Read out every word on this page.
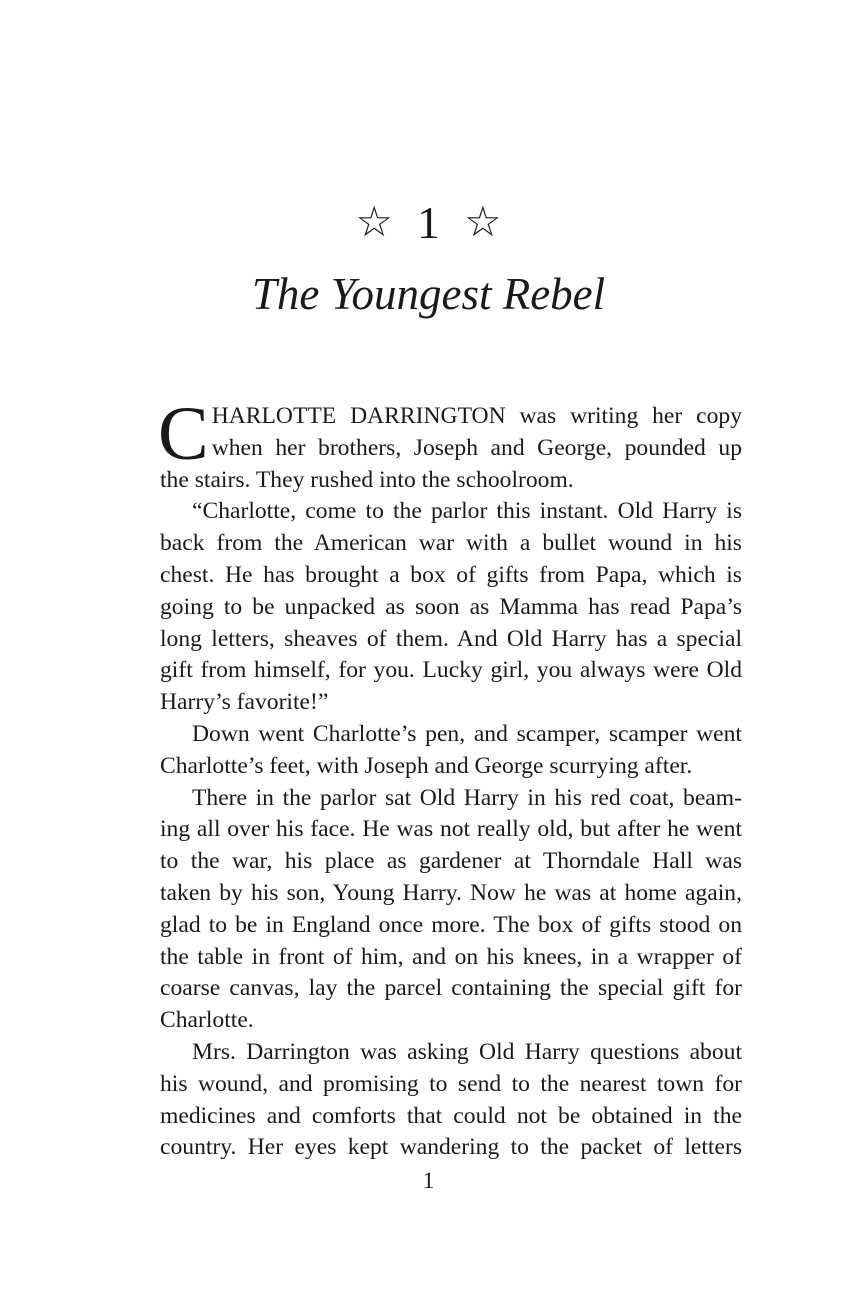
☆ 1 ☆
The Youngest Rebel
C HARLOTTE DARRINGTON was writing her copy
when her brothers, Joseph and George, pounded up
the stairs. They rushed into the schoolroom.
“Charlotte, come to the parlor this instant. Old Harry is
back from the American war with a bullet wound in his
chest. He has brought a box of gifts from Papa, which is
going to be unpacked as soon as Mamma has read Papa’s
long letters, sheaves of them. And Old Harry has a special
gift from himself, for you. Lucky girl, you always were Old
Harry’s favorite!”
Down went Charlotte’s pen, and scamper, scamper went
Charlotte’s feet, with Joseph and George scurrying after.
There in the parlor sat Old Harry in his red coat, beam-
ing all over his face. He was not really old, but after he went
to the war, his place as gardener at Thorndale Hall was
taken by his son, Young Harry. Now he was at home again,
glad to be in England once more. The box of gifts stood on
the table in front of him, and on his knees, in a wrapper of
coarse canvas, lay the parcel containing the special gift for
Charlotte.
Mrs. Darrington was asking Old Harry questions about
his wound, and promising to send to the nearest town for
medicines and comforts that could not be obtained in the
country. Her eyes kept wandering to the packet of letters
1
